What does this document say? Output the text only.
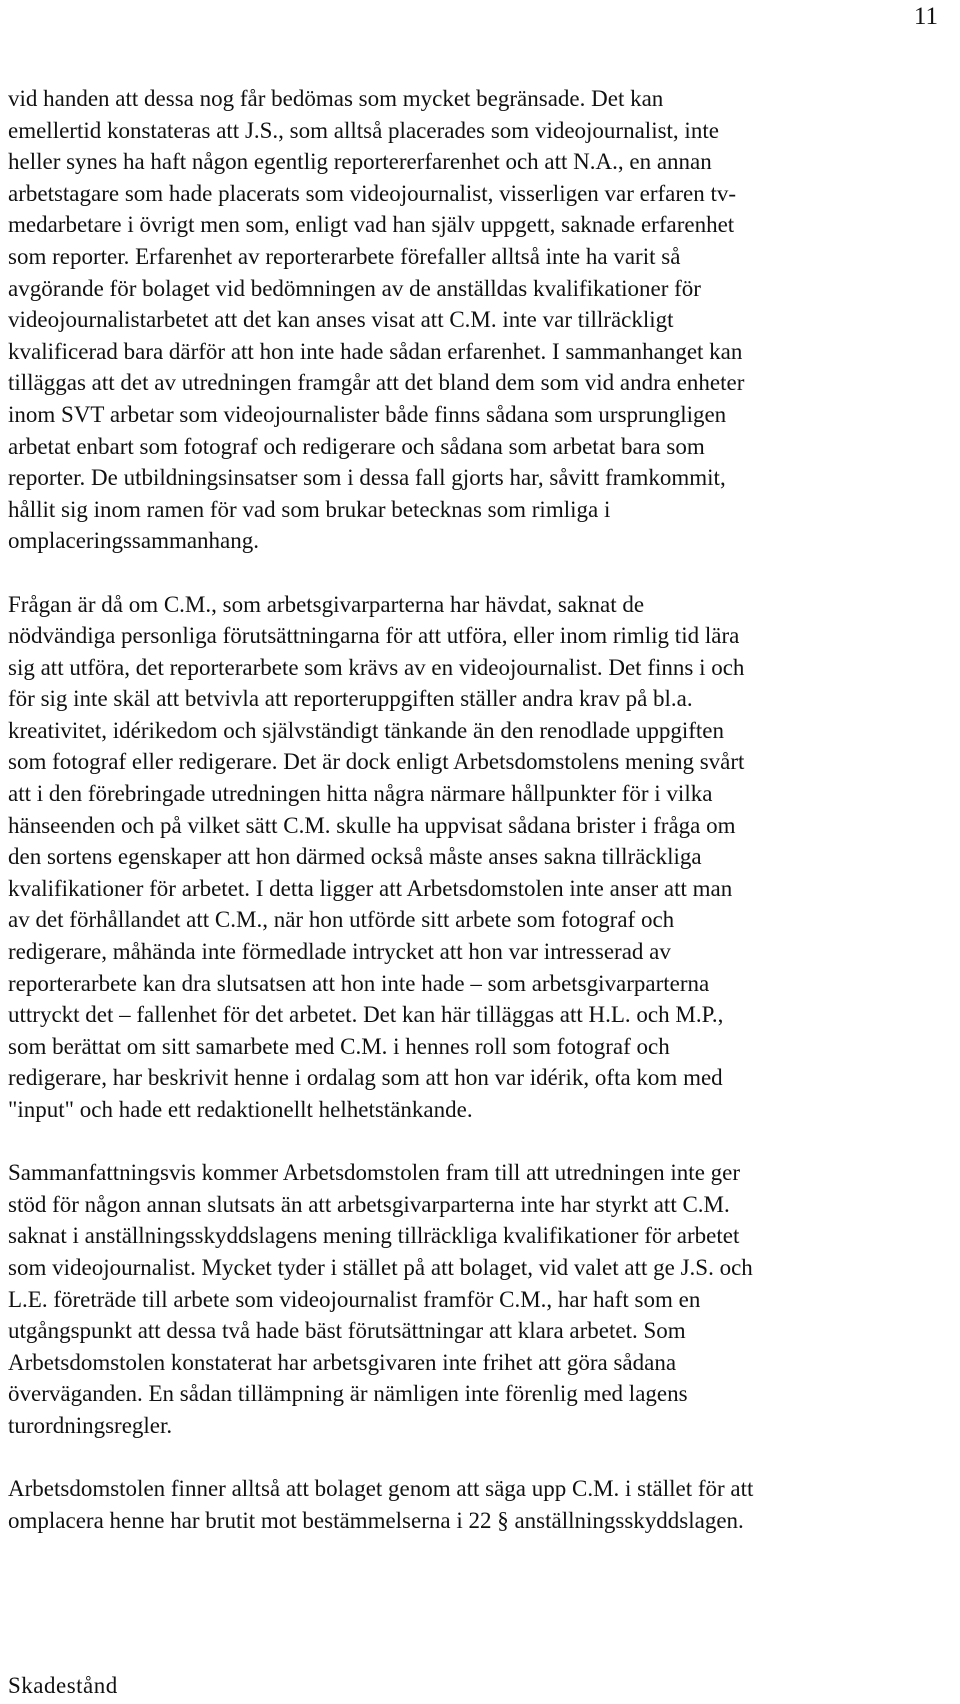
11

vid handen att dessa nog får bedömas som mycket begränsade. Det kan
emellertid konstateras att J.S., som alltså placerades som videojournalist, inte
heller synes ha haft någon egentlig reportererfarenhet och att N.A., en annan
arbetstagare som hade placerats som videojournalist, visserligen var erfaren tv-
medarbetare i övrigt men som, enligt vad han själv uppgett, saknade erfarenhet
som reporter. Erfarenhet av reporterarbete förefaller alltså inte ha varit så
avgörande för bolaget vid bedömningen av de anställdas kvalifikationer för
videojournalistarbetet att det kan anses visat att C.M. inte var tillräckligt
kvalificerad bara därför att hon inte hade sådan erfarenhet. I sammanhanget kan
tilläggas att det av utredningen framgår att det bland dem som vid andra enheter
inom SVT arbetar som videojournalister både finns sådana som ursprungligen
arbetat enbart som fotograf och redigerare och sådana som arbetat bara som
reporter. De utbildningsinsatser som i dessa fall gjorts har, såvitt framkommit,
hållit sig inom ramen för vad som brukar betecknas som rimliga i
omplaceringssammanhang.

Frågan är då om C.M., som arbetsgivarparterna har hävdat, saknat de
nödvändiga personliga förutsättningarna för att utföra, eller inom rimlig tid lära
sig att utföra, det reporterarbete som krävs av en videojournalist. Det finns i och
för sig inte skäl att betvivla att reporteruppgiften ställer andra krav på bl.a.
kreativitet, idérikedom och självständigt tänkande än den renodlade uppgiften
som fotograf eller redigerare. Det är dock enligt Arbetsdomstolens mening svårt
att i den förebringade utredningen hitta några närmare hållpunkter för i vilka
hänseenden och på vilket sätt C.M. skulle ha uppvisat sådana brister i fråga om
den sortens egenskaper att hon därmed också måste anses sakna tillräckliga
kvalifikationer för arbetet. I detta ligger att Arbetsdomstolen inte anser att man
av det förhållandet att C.M., när hon utförde sitt arbete som fotograf och
redigerare, måhända inte förmedlade intrycket att hon var intresserad av
reporterarbete kan dra slutsatsen att hon inte hade – som arbetsgivarparterna
uttryckt det – fallenhet för det arbetet. Det kan här tilläggas att H.L. och M.P.,
som berättat om sitt samarbete med C.M. i hennes roll som fotograf och
redigerare, har beskrivit henne i ordalag som att hon var idérik, ofta kom med
"input" och hade ett redaktionellt helhetstänkande.

Sammanfattningsvis kommer Arbetsdomstolen fram till att utredningen inte ger
stöd för någon annan slutsats än att arbetsgivarparterna inte har styrkt att C.M.
saknat i anställningsskyddslagens mening tillräckliga kvalifikationer för arbetet
som videojournalist. Mycket tyder i stället på att bolaget, vid valet att ge J.S. och
L.E. företräde till arbete som videojournalist framför C.M., har haft som en
utgångspunkt att dessa två hade bäst förutsättningar att klara arbetet. Som
Arbetsdomstolen konstaterat har arbetsgivaren inte frihet att göra sådana
överväganden. En sådan tillämpning är nämligen inte förenlig med lagens
turordningsregler.

Arbetsdomstolen finner alltså att bolaget genom att säga upp C.M. i stället för att
omplacera henne har brutit mot bestämmelserna i 22 § anställningsskyddslagen.

Skadestånd
